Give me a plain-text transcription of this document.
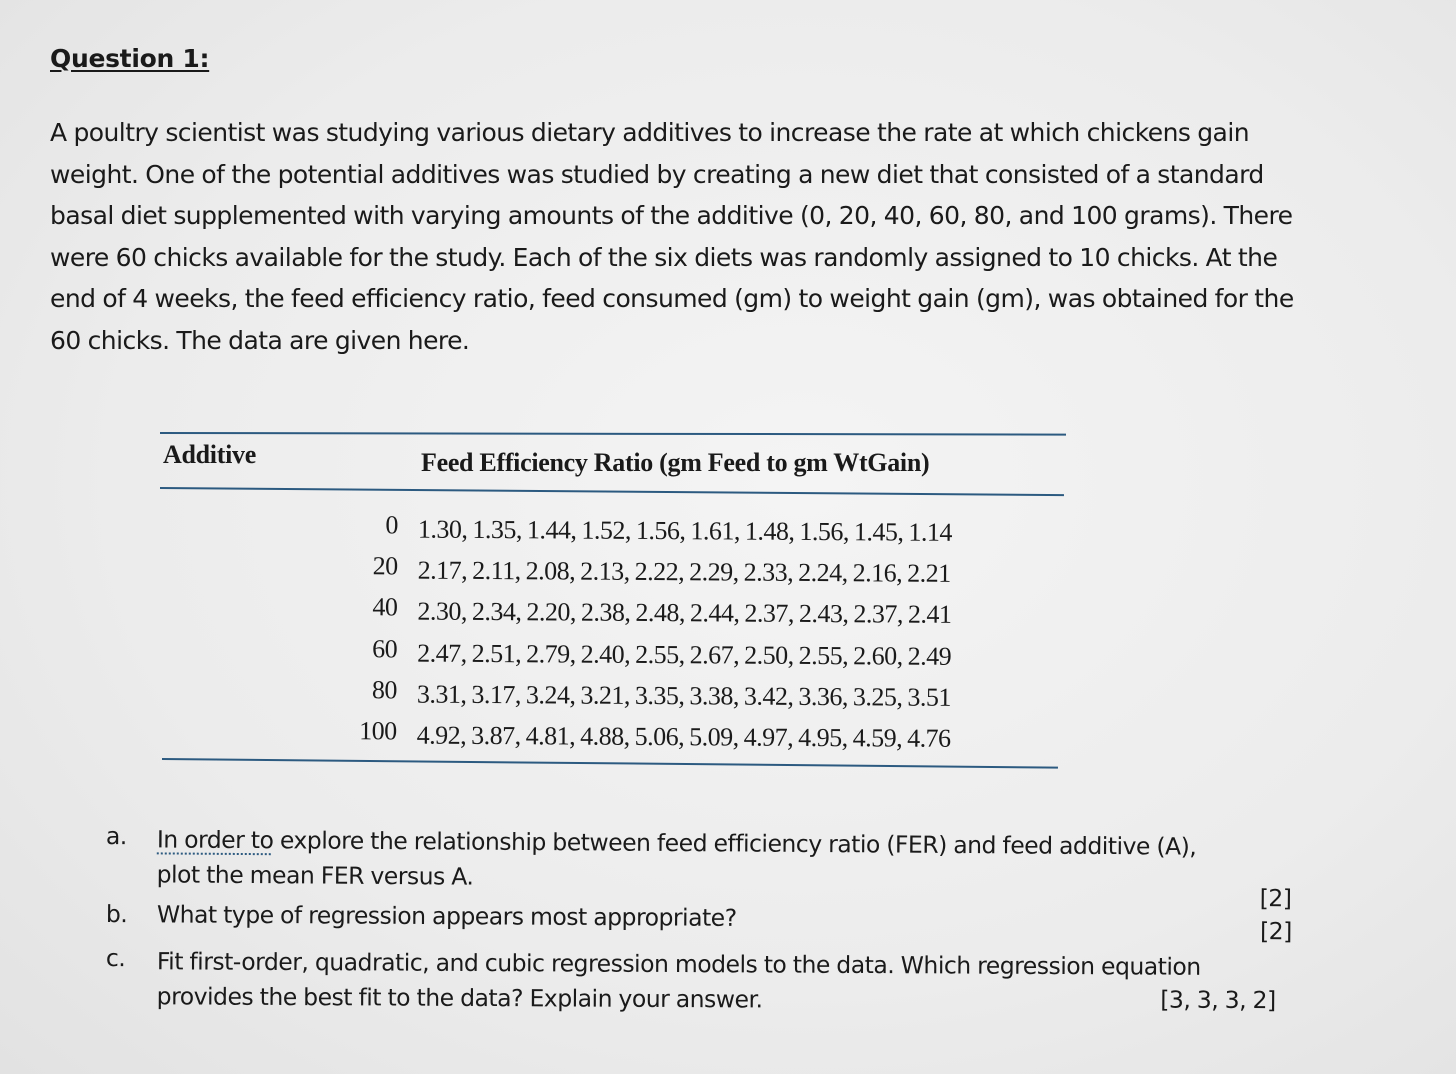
Question 1:
A poultry scientist was studying various dietary additives to increase the rate at which chickens gain
weight. One of the potential additives was studied by creating a new diet that consisted of a standard
basal diet supplemented with varying amounts of the additive (0, 20, 40, 60, 80, and 100 grams). There
were 60 chicks available for the study. Each of the six diets was randomly assigned to 10 chicks. At the
end of 4 weeks, the feed efficiency ratio, feed consumed (gm) to weight gain (gm), was obtained for the
60 chicks. The data are given here.
Additive	Feed Efficiency Ratio (gm Feed to gm WtGain)
0 1.30, 1.35, 1.44, 1.52, 1.56, 1.61, 1.48, 1.56, 1.45, 1.14
20 2.17, 2.11, 2.08, 2.13, 2.22, 2.29, 2.33, 2.24, 2.16, 2.21
40 2.30, 2.34, 2.20, 2.38, 2.48, 2.44, 2.37, 2.43, 2.37, 2.41
60 2.47, 2.51, 2.79, 2.40, 2.55, 2.67, 2.50, 2.55, 2.60, 2.49
80 3.31, 3.17, 3.24, 3.21, 3.35, 3.38, 3.42, 3.36, 3.25, 3.51
100 4.92, 3.87, 4.81, 4.88, 5.06, 5.09, 4.97, 4.95, 4.59, 4.76
a. In order to explore the relationship between feed efficiency ratio (FER) and feed additive (A),
plot the mean FER versus A.
[2]
b. What type of regression appears most appropriate?	[2]
c. Fit first-order, quadratic, and cubic regression models to the data. Which regression equation
provides the best fit to the data? Explain your answer.	[3, 3, 3, 2]
